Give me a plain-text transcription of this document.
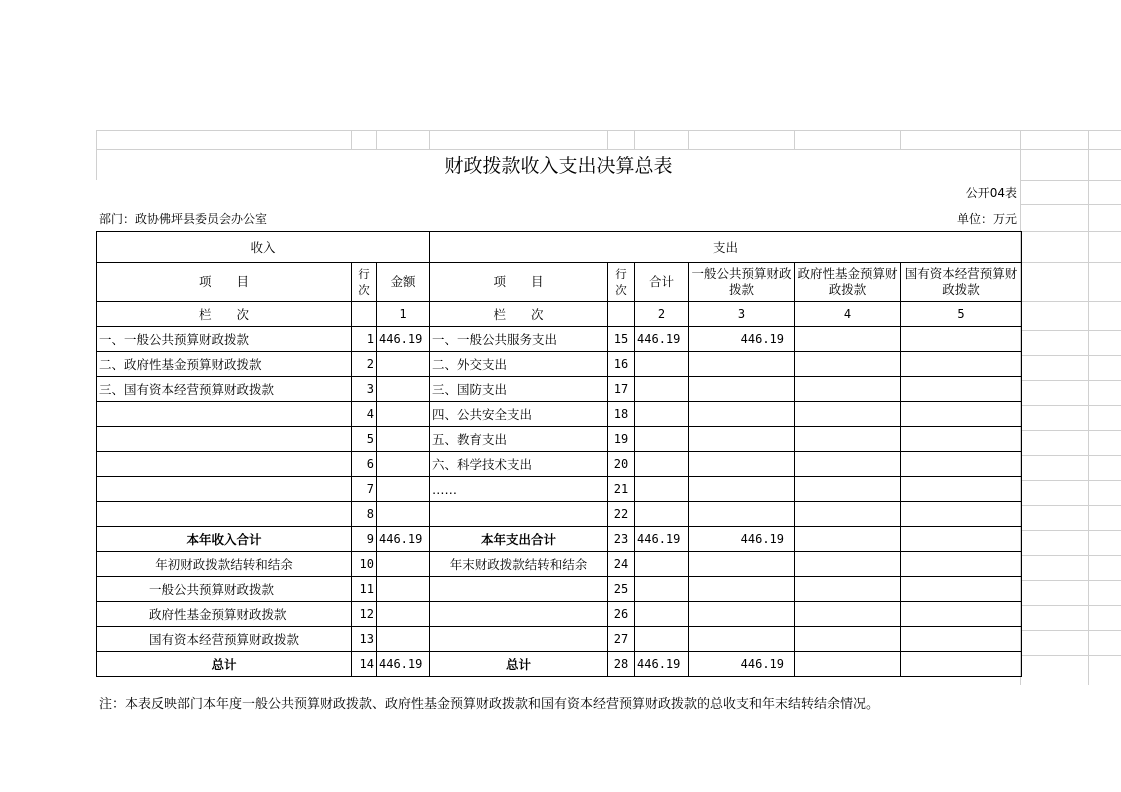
财政拨款收入支出决算总表
公开04表
部门：政协佛坪县委员会办公室	单位：万元
收入			支出					
项　　目	行次	金额	项　　目	行次	合计	一般公共预算财政拨款	政府性基金预算财政拨款	国有资本经营预算财政拨款
栏　　次		1	栏　　次		2	3	4	5
一、一般公共预算财政拨款	1	446.19	一、一般公共服务支出	15	446.19	446.19		
二、政府性基金预算财政拨款	2		二、外交支出	16				
三、国有资本经营预算财政拨款	3		三、国防支出	17				
	4		四、公共安全支出	18				
	5		五、教育支出	19				
	6		六、科学技术支出	20				
	7		……	21				
	8			22				
本年收入合计	9	446.19	本年支出合计	23	446.19	446.19		
年初财政拨款结转和结余	10		年末财政拨款结转和结余	24				
一般公共预算财政拨款	11			25				
政府性基金预算财政拨款	12			26				
国有资本经营预算财政拨款	13			27				
总计	14	446.19	总计	28	446.19	446.19		
注：本表反映部门本年度一般公共预算财政拨款、政府性基金预算财政拨款和国有资本经营预算财政拨款的总收支和年末结转结余情况。
